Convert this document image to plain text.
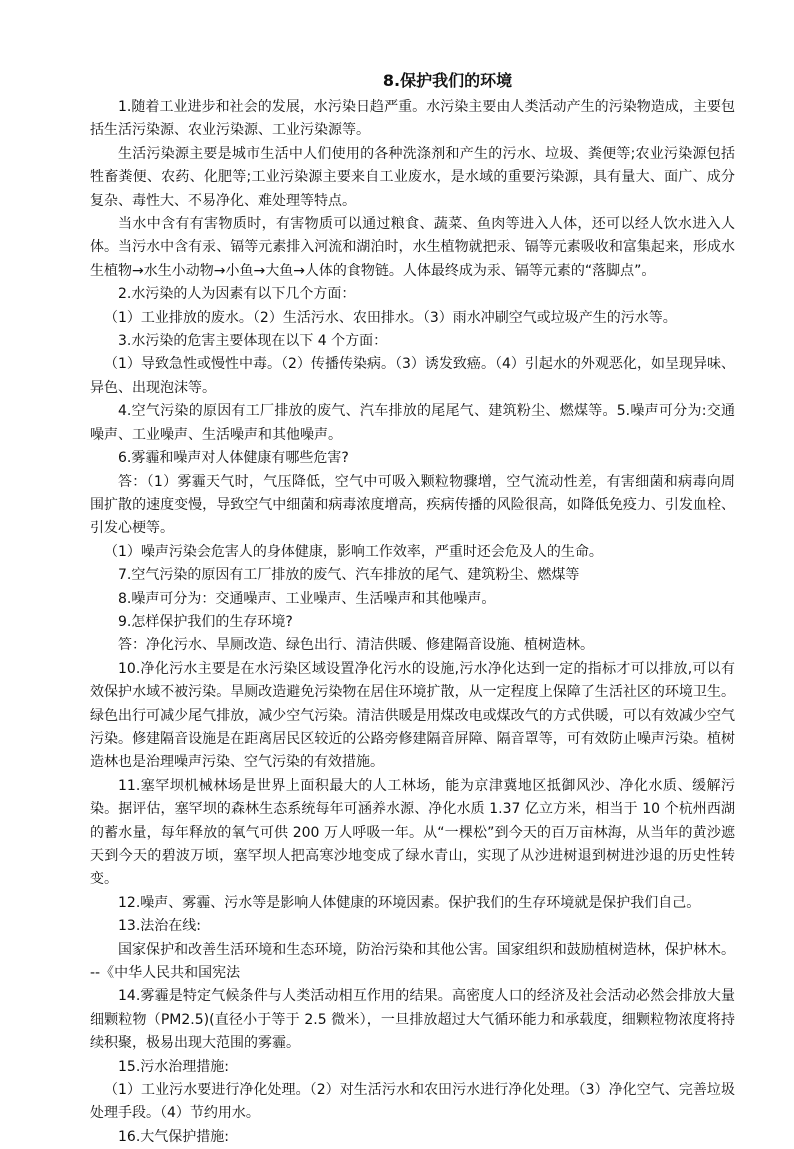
8.保护我们的环境

1.随着工业进步和社会的发展，水污染日趋严重。水污染主要由人类活动产生的污染物造成，主要包括生活污染源、农业污染源、工业污染源等。

生活污染源主要是城市生活中人们使用的各种洗涤剂和产生的污水、垃圾、粪便等;农业污染源包括牲畜粪便、农药、化肥等;工业污染源主要来自工业废水，是水域的重要污染源，具有量大、面广、成分复杂、毒性大、不易净化、难处理等特点。

当水中含有有害物质时，有害物质可以通过粮食、蔬菜、鱼肉等进入人体，还可以经人饮水进入人体。当污水中含有汞、镉等元素排入河流和湖泊时，水生植物就把汞、镉等元素吸收和富集起来，形成水生植物→水生小动物→小鱼→大鱼→人体的食物链。人体最终成为汞、镉等元素的“落脚点”。

2.水污染的人为因素有以下几个方面：

（1）工业排放的废水。（2）生活污水、农田排水。（3）雨水冲刷空气或垃圾产生的污水等。

3.水污染的危害主要体现在以下 4 个方面：

（1）导致急性或慢性中毒。（2）传播传染病。（3）诱发致癌。（4）引起水的外观恶化，如呈现异味、异色、出现泡沫等。

4.空气污染的原因有工厂排放的废气、汽车排放的尾尾气、建筑粉尘、燃煤等。5.噪声可分为:交通噪声、工业噪声、生活噪声和其他噪声。

6.雾霾和噪声对人体健康有哪些危害?

答：（1）雾霾天气时，气压降低，空气中可吸入颗粒物骤增，空气流动性差，有害细菌和病毒向周围扩散的速度变慢，导致空气中细菌和病毒浓度增高，疾病传播的风险很高，如降低免疫力、引发血栓、引发心梗等。

（1）噪声污染会危害人的身体健康，影响工作效率，严重时还会危及人的生命。

7.空气污染的原因有工厂排放的废气、汽车排放的尾气、建筑粉尘、燃煤等

8.噪声可分为：交通噪声、工业噪声、生活噪声和其他噪声。

9.怎样保护我们的生存环境?

答：净化污水、旱厕改造、绿色出行、清洁供暖、修建隔音设施、植树造林。

10.净化污水主要是在水污染区域设置净化污水的设施,污水净化达到一定的指标才可以排放,可以有效保护水域不被污染。旱厕改造避免污染物在居住环境扩散，从一定程度上保障了生活社区的环境卫生。绿色出行可减少尾气排放，减少空气污染。清洁供暖是用煤改电或煤改气的方式供暖，可以有效减少空气污染。修建隔音设施是在距离居民区较近的公路旁修建隔音屏障、隔音罩等，可有效防止噪声污染。植树造林也是治理噪声污染、空气污染的有效措施。

11.塞罕坝机械林场是世界上面积最大的人工林场，能为京津冀地区抵御风沙、净化水质、缓解污染。据评估，塞罕坝的森林生态系统每年可涵养水源、净化水质 1.37 亿立方米，相当于 10 个杭州西湖的蓄水量，每年释放的氧气可供 200 万人呼吸一年。从“一棵松”到今天的百万亩林海，从当年的黄沙遮天到今天的碧波万顷，塞罕坝人把高寒沙地变成了绿水青山，实现了从沙进树退到树进沙退的历史性转变。

12.噪声、雾霾、污水等是影响人体健康的环境因素。保护我们的生存环境就是保护我们自己。

13.法治在线:

国家保护和改善生活环境和生态环境，防治污染和其他公害。国家组织和鼓励植树造林，保护林木。--《中华人民共和国宪法

14.雾霾是特定气候条件与人类活动相互作用的结果。高密度人口的经济及社会活动必然会排放大量细颗粒物（PM2.5)(直径小于等于 2.5 微米），一旦排放超过大气循环能力和承载度，细颗粒物浓度将持续积聚，极易出现大范围的雾霾。

15.污水治理措施:

（1）工业污水要进行净化处理。（2）对生活污水和农田污水进行净化处理。（3）净化空气、完善垃圾处理手段。（4）节约用水。

16.大气保护措施:
